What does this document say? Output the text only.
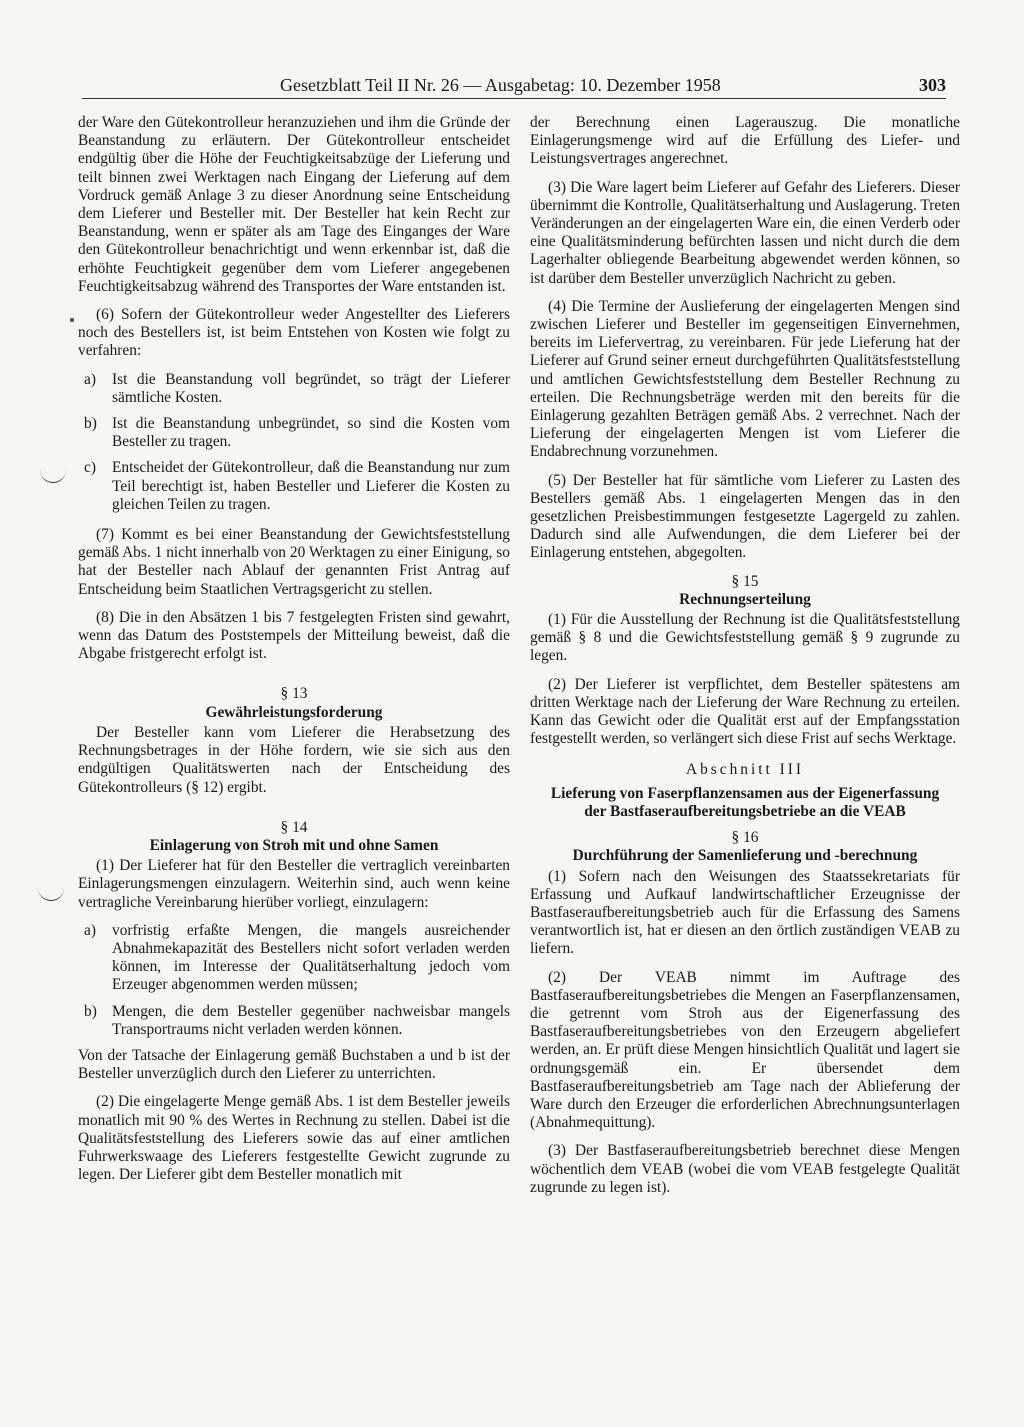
Gesetzblatt Teil II Nr. 26 — Ausgabetag: 10. Dezember 1958	303

der Ware den Gütekontrolleur heranzuziehen und ihm die Gründe der Beanstandung zu erläutern. Der Gütekontrolleur entscheidet endgültig über die Höhe der Feuchtigkeitsabzüge der Lieferung und teilt binnen zwei Werktagen nach Eingang der Lieferung auf dem Vordruck gemäß Anlage 3 zu dieser Anordnung seine Entscheidung dem Lieferer und Besteller mit. Der Besteller hat kein Recht zur Beanstandung, wenn er später als am Tage des Einganges der Ware den Gütekontrolleur benachrichtigt und wenn erkennbar ist, daß die erhöhte Feuchtigkeit gegenüber dem vom Lieferer angegebenen Feuchtigkeitsabzug während des Transportes der Ware entstanden ist.

(6) Sofern der Gütekontrolleur weder Angestellter des Lieferers noch des Bestellers ist, ist beim Entstehen von Kosten wie folgt zu verfahren:

a)	Ist die Beanstandung voll begründet, so trägt der Lieferer sämtliche Kosten.
b) Ist die Beanstandung unbegründet, so sind die Kosten vom Besteller zu tragen.
c)	Entscheidet der Gütekontrolleur, daß die Beanstandung nur zum Teil berechtigt ist, haben Besteller und Lieferer die Kosten zu gleichen Teilen zu tragen.

(7) Kommt es bei einer Beanstandung der Gewichtsfeststellung gemäß Abs. 1 nicht innerhalb von 20 Werktagen zu einer Einigung, so hat der Besteller nach Ablauf der genannten Frist Antrag auf Entscheidung beim Staatlichen Vertragsgericht zu stellen.

(8) Die in den Absätzen 1 bis 7 festgelegten Fristen sind gewahrt, wenn das Datum des Poststempels der Mitteilung beweist, daß die Abgabe fristgerecht erfolgt ist.

§ 13
Gewährleistungsforderung

Der Besteller kann vom Lieferer die Herabsetzung des Rechnungsbetrages in der Höhe fordern, wie sie sich aus den endgültigen Qualitätswerten nach der Entscheidung des Gütekontrolleurs (§ 12) ergibt.

§ 14
Einlagerung von Stroh mit und ohne Samen

(1) Der Lieferer hat für den Besteller die vertraglich vereinbarten Einlagerungsmengen einzulagern. Weiterhin sind, auch wenn keine vertragliche Vereinbarung hierüber vorliegt, einzulagern:

a)	vorfristig erfaßte Mengen, die mangels ausreichender Abnahmekapazität des Bestellers nicht sofort verladen werden können, im Interesse der Qualitätserhaltung jedoch vom Erzeuger abgenommen werden müssen;
b) Mengen, die dem Besteller gegenüber nachweisbar mangels Transportraums nicht verladen werden können.

Von der Tatsache der Einlagerung gemäß Buchstaben a und b ist der Besteller unverzüglich durch den Lieferer zu unterrichten.

(2) Die eingelagerte Menge gemäß Abs. 1 ist dem Besteller jeweils monatlich mit 90 % des Wertes in Rechnung zu stellen. Dabei ist die Qualitätsfeststellung des Lieferers sowie das auf einer amtlichen Fuhrwerkswaage des Lieferers festgestellte Gewicht zugrunde zu legen. Der Lieferer gibt dem Besteller monatlich mit

der Berechnung einen Lagerauszug. Die monatliche Einlagerungsmenge wird auf die Erfüllung des Liefer- und Leistungsvertrages angerechnet.

(3) Die Ware lagert beim Lieferer auf Gefahr des Lieferers. Dieser übernimmt die Kontrolle, Qualitätserhaltung und Auslagerung. Treten Veränderungen an der eingelagerten Ware ein, die einen Verderb oder eine Qualitätsminderung befürchten lassen und nicht durch die dem Lagerhalter obliegende Bearbeitung abgewendet werden können, so ist darüber dem Besteller unverzüglich Nachricht zu geben.

(4) Die Termine der Auslieferung der eingelagerten Mengen sind zwischen Lieferer und Besteller im gegenseitigen Einvernehmen, bereits im Liefervertrag, zu vereinbaren. Für jede Lieferung hat der Lieferer auf Grund seiner erneut durchgeführten Qualitätsfeststellung und amtlichen Gewichtsfeststellung dem Besteller Rechnung zu erteilen. Die Rechnungsbeträge werden mit den bereits für die Einlagerung gezahlten Beträgen gemäß Abs. 2 verrechnet. Nach der Lieferung der eingelagerten Mengen ist vom Lieferer die Endabrechnung vorzunehmen.

(5) Der Besteller hat für sämtliche vom Lieferer zu Lasten des Bestellers gemäß Abs. 1 eingelagerten Mengen das in den gesetzlichen Preisbestimmungen festgesetzte Lagergeld zu zahlen. Dadurch sind alle Aufwendungen, die dem Lieferer bei der Einlagerung entstehen, abgegolten.

§ 15
Rechnungserteilung

(1) Für die Ausstellung der Rechnung ist die Qualitätsfeststellung gemäß § 8 und die Gewichtsfeststellung gemäß § 9 zugrunde zu legen.

(2) Der Lieferer ist verpflichtet, dem Besteller spätestens am dritten Werktage nach der Lieferung der Ware Rechnung zu erteilen. Kann das Gewicht oder die Qualität erst auf der Empfangsstation festgestellt werden, so verlängert sich diese Frist auf sechs Werktage.

Abschnitt III
Lieferung von Faserpflanzensamen aus der Eigenerfassung der Bastfaseraufbereitungsbetriebe an die VEAB
§ 16
Durchführung der Samenlieferung und -berechnung

(1) Sofern nach den Weisungen des Staatssekretariats für Erfassung und Aufkauf landwirtschaftlicher Erzeugnisse der Bastfaseraufbereitungsbetrieb auch für die Erfassung des Samens verantwortlich ist, hat er diesen an den örtlich zuständigen VEAB zu liefern.

(2) Der VEAB nimmt im Auftrage des Bastfaseraufbereitungsbetriebes die Mengen an Faserpflanzensamen, die getrennt vom Stroh aus der Eigenerfassung des Bastfaseraufbereitungsbetriebes von den Erzeugern abgeliefert werden, an. Er prüft diese Mengen hinsichtlich Qualität und lagert sie ordnungsgemäß ein. Er übersendet dem Bastfaseraufbereitungsbetrieb am Tage nach der Ablieferung der Ware durch den Erzeuger die erforderlichen Abrechnungsunterlagen (Abnahmequittung).

(3) Der Bastfaseraufbereitungsbetrieb berechnet diese Mengen wöchentlich dem VEAB (wobei die vom VEAB festgelegte Qualität zugrunde zu legen ist).
